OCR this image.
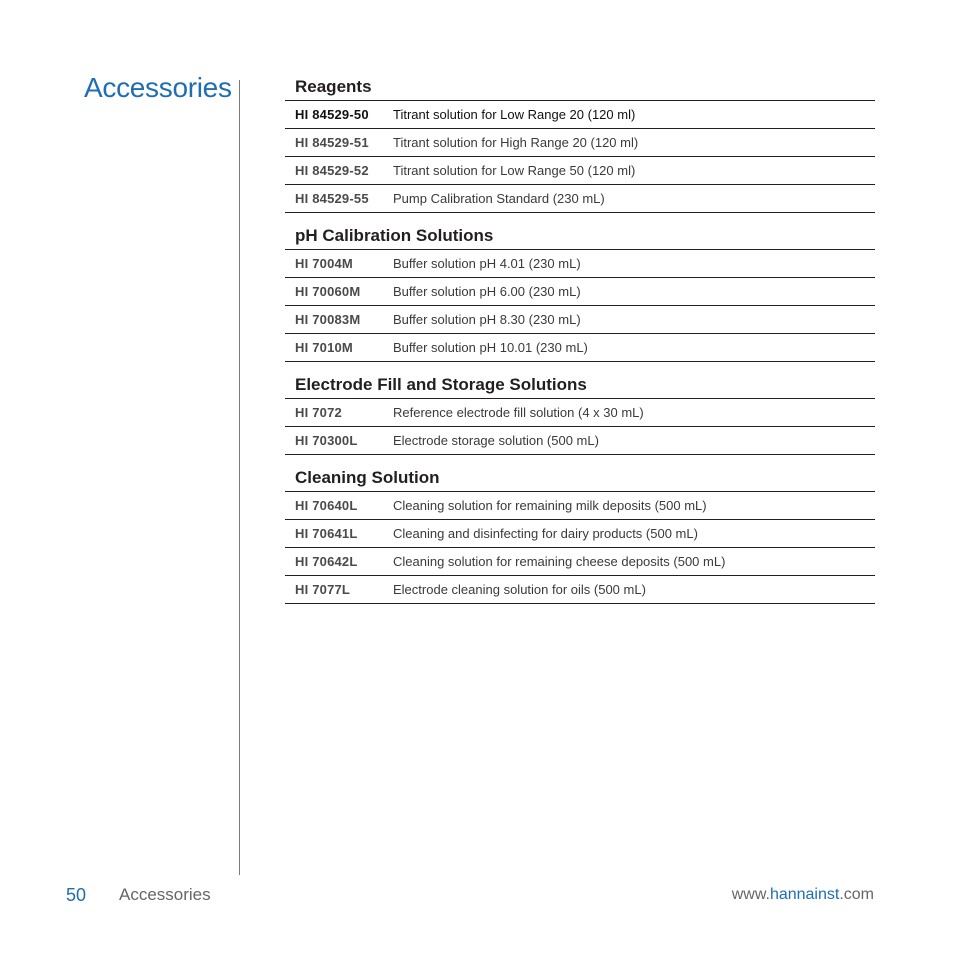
Accessories	Reagents
HI 84529-50	Titrant solution for Low Range 20 (120 ml)
HI 84529-51	Titrant solution for High Range 20 (120 ml)
HI 84529-52	Titrant solution for Low Range 50 (120 ml)
HI 84529-55	Pump Calibration Standard (230 mL)
pH Calibration Solutions
HI 7004M	Buffer solution pH 4.01 (230 mL)
HI 70060M	Buffer solution pH 6.00 (230 mL)
HI 70083M	Buffer solution pH 8.30 (230 mL)
HI 7010M	Buffer solution pH 10.01 (230 mL)
Electrode Fill and Storage Solutions
HI 7072	Reference electrode fill solution (4 x 30 mL)
HI 70300L	Electrode storage solution (500 mL)
Cleaning Solution
HI 70640L	Cleaning solution for remaining milk deposits (500 mL)
HI 70641L	Cleaning and disinfecting for dairy products (500 mL)
HI 70642L	Cleaning solution for remaining cheese deposits (500 mL)
HI 7077L	Electrode cleaning solution for oils (500 mL)
50 Accessories	www.hannainst.com
